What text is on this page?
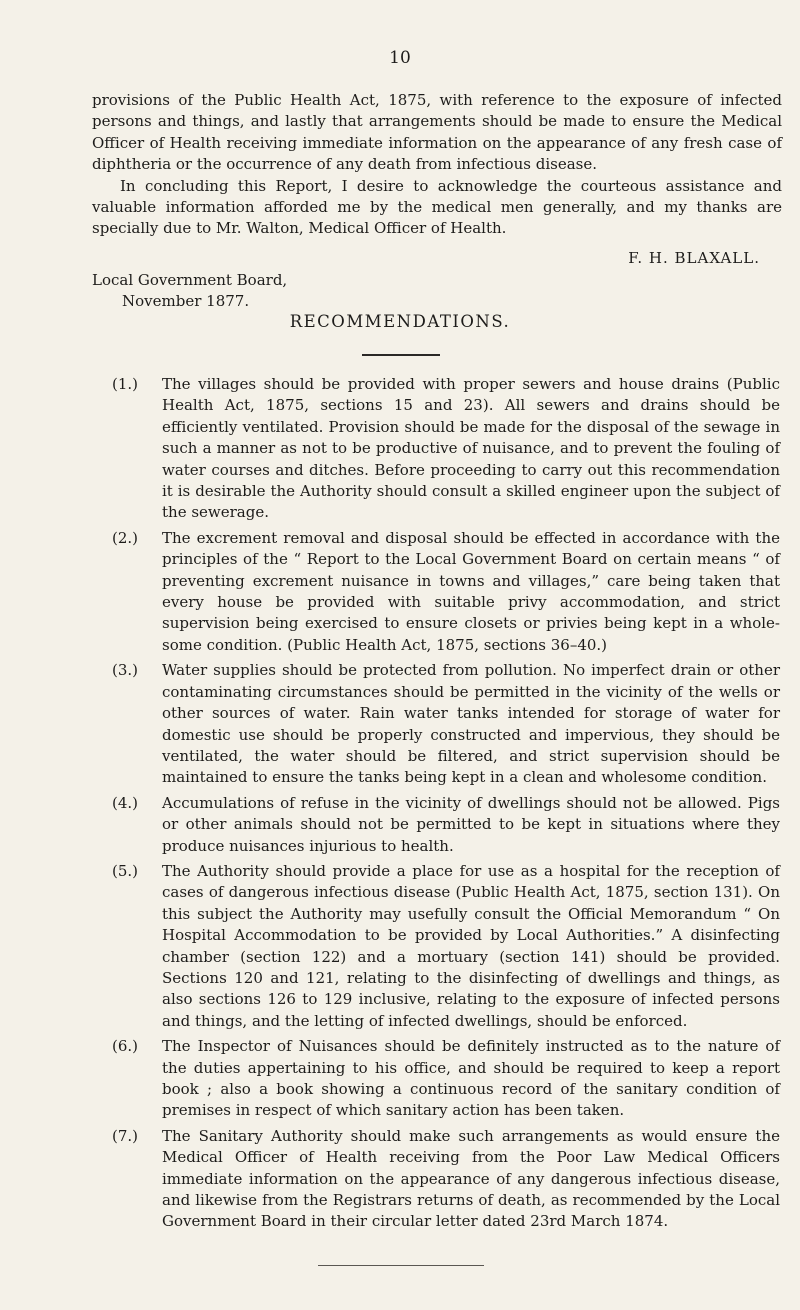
10

provisions of the Public Health Act, 1875, with reference to the exposure of infected persons and things, and lastly that arrangements should be made to ensure the Medical Officer of Health receiving immediate information on the appearance of any fresh case of diphtheria or the occurrence of any death from infectious disease.

In concluding this Report, I desire to acknowledge the courteous assistance and valuable information afforded me by the medical men generally, and my thanks are specially due to Mr. Walton, Medical Officer of Health.

F. H. BLAXALL.
Local Government Board,
November 1877.
RECOMMENDATIONS.
(1.) The villages should be provided with proper sewers and house drains (Public Health Act, 1875, sections 15 and 23). All sewers and drains should be efficiently ventilated. Provision should be made for the disposal of the sewage in such a manner as not to be productive of nuisance, and to prevent the fouling of water courses and ditches. Before proceeding to carry out this recommendation it is desirable the Authority should consult a skilled engineer upon the subject of the sewerage.
(2.) The excrement removal and disposal should be effected in accordance with the principles of the “ Report to the Local Government Board on certain means “ of preventing excrement nuisance in towns and villages,” care being taken that every house be provided with suitable privy accommodation, and strict supervision being exercised to ensure closets or privies being kept in a whole-some condition. (Public Health Act, 1875, sections 36–40.)
(3.) Water supplies should be protected from pollution. No imperfect drain or other contaminating circumstances should be permitted in the vicinity of the wells or other sources of water. Rain water tanks intended for storage of water for domestic use should be properly constructed and impervious, they should be ventilated, the water should be filtered, and strict supervision should be maintained to ensure the tanks being kept in a clean and wholesome condition.
(4.) Accumulations of refuse in the vicinity of dwellings should not be allowed. Pigs or other animals should not be permitted to be kept in situations where they produce nuisances injurious to health.
(5.) The Authority should provide a place for use as a hospital for the reception of cases of dangerous infectious disease (Public Health Act, 1875, section 131). On this subject the Authority may usefully consult the Official Memorandum “ On Hospital Accommodation to be provided by Local Authorities.” A disinfecting chamber (section 122) and a mortuary (section 141) should be provided. Sections 120 and 121, relating to the disinfecting of dwellings and things, as also sections 126 to 129 inclusive, relating to the exposure of infected persons and things, and the letting of infected dwellings, should be enforced.
(6.) The Inspector of Nuisances should be definitely instructed as to the nature of the duties appertaining to his office, and should be required to keep a report book ; also a book showing a continuous record of the sanitary condition of premises in respect of which sanitary action has been taken.
(7.) The Sanitary Authority should make such arrangements as would ensure the Medical Officer of Health receiving from the Poor Law Medical Officers immediate information on the appearance of any dangerous infectious disease, and likewise from the Registrars returns of death, as recommended by the Local Government Board in their circular letter dated 23rd March 1874.
